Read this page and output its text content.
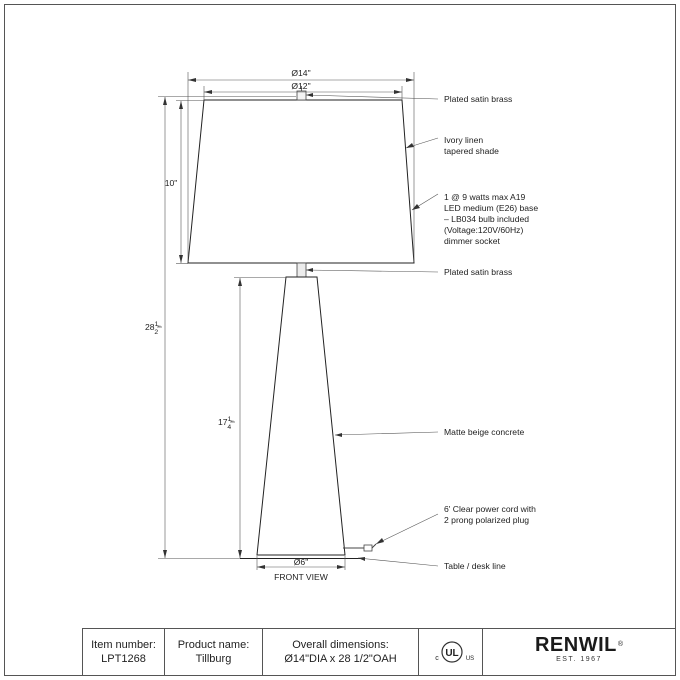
Ø14"
Ø12"
$28^1$ 2"
10"
$17^1$ 4"
Ø6"
FRONT VIEW
Plated satin brass
Ivory linen tapered shade
1 @ 9 watts max A19 LED medium (E26) base – LB034 bulb included (Voltage:120V/60Hz) dimmer socket
Plated satin brass
Matte beige concrete
6' Clear power cord with 2 prong polarized plug
Table / desk line
UL
c	US
Item number:
LPT1268
Product name:
Tillburg
Overall dimensions:
Ø14"DIA x 28 1/2"OAH
RENWIL ®
EST. 1967
